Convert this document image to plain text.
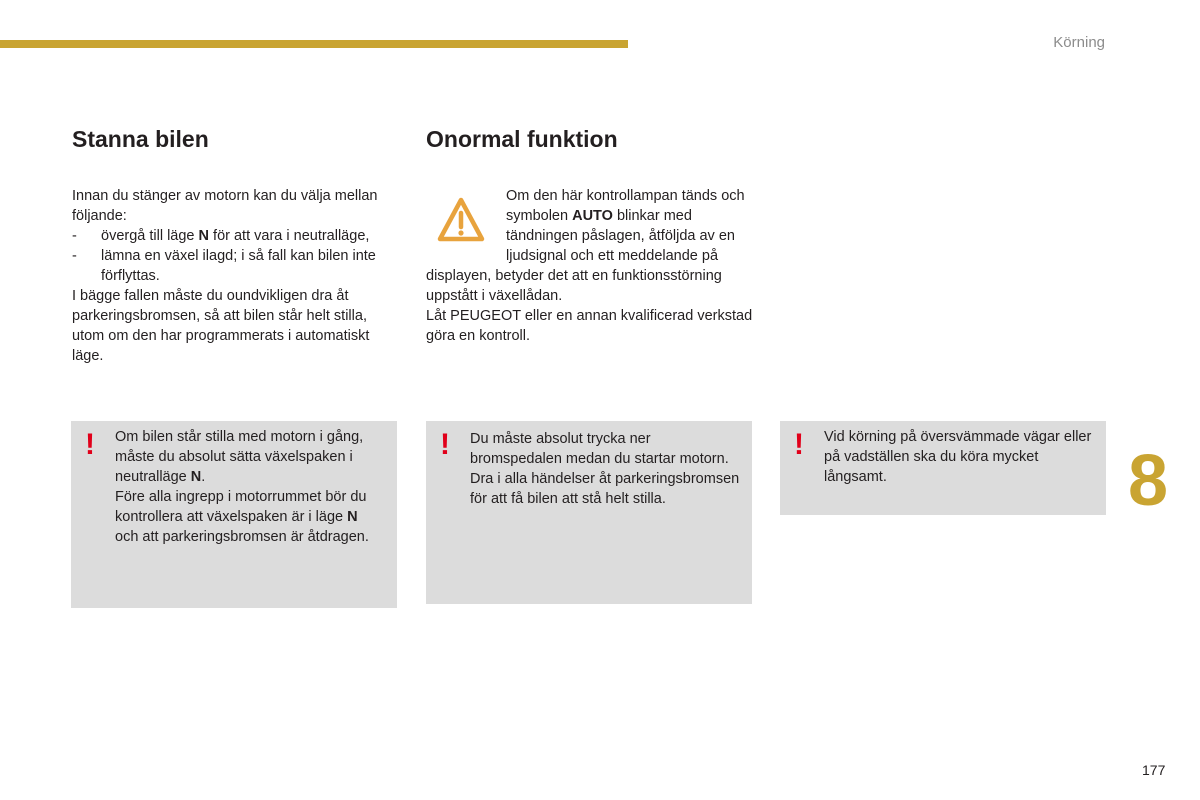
Körning
Stanna bilen

Innan du stänger av motorn kan du välja mellan följande:

- övergå till läge N för att vara i neutralläge,
- lämna en växel ilagd; i så fall kan bilen inte förflyttas.

I bägge fallen måste du oundvikligen dra åt parkeringsbromsen, så att bilen står helt stilla, utom om den har programmerats i automatiskt läge.

Onormal funktion

Om den här kontrollampan tänds och symbolen AUTO blinkar med tändningen påslagen, åtföljda av en ljudsignal och ett meddelande på displayen, betyder det att en funktionsstörning uppstått i växellådan.

Låt PEUGEOT eller en annan kvalificerad verkstad göra en kontroll.

! Om bilen står stilla med motorn i gång, måste du absolut sätta växelspaken i neutralläge N.

Före alla ingrepp i motorrummet bör du kontrollera att växelspaken är i läge N och att parkeringsbromsen är åtdragen.

! Du måste absolut trycka ner bromspedalen medan du startar motorn.

Dra i alla händelser åt parkeringsbromsen för att få bilen att stå helt stilla.

! Vid körning på översvämmade vägar eller på vadställen ska du köra mycket långsamt.	8
177
